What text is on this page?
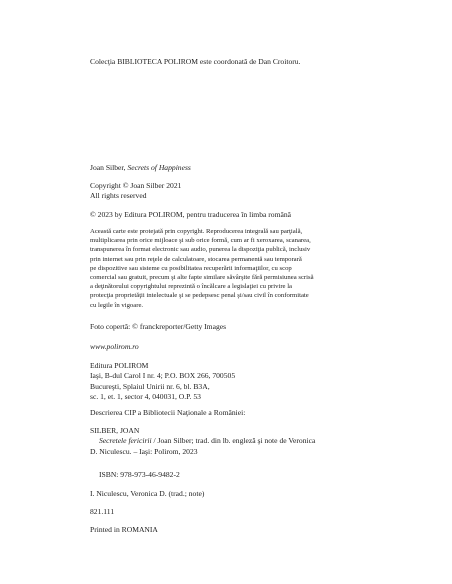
Colecţia BIBLIOTECA POLIROM este coordonată de Dan Croitoru.

Joan Silber, Secrets of Happiness

Copyright © Joan Silber 2021
All rights reserved

© 2023 by Editura POLIROM, pentru traducerea în limba română

Această carte este protejată prin copyright. Reproducerea integrală sau parţială,
multiplicarea prin orice mijloace şi sub orice formă, cum ar fi xeroxarea, scanarea,
transpunerea în format electronic sau audio, punerea la dispoziţia publică, inclusiv
prin internet sau prin reţele de calculatoare, stocarea permanentă sau temporară
pe dispozitive sau sisteme cu posibilitatea recuperării informaţiilor, cu scop
comercial sau gratuit, precum şi alte fapte similare săvârşite fără permisiunea scrisă
a deţinătorului copyrightului reprezintă o încălcare a legislaţiei cu privire la
protecţia proprietăţii intelectuale şi se pedepsesc penal şi/sau civil în conformitate
cu legile în vigoare.

Foto copertă: © franckreporter/Getty Images

www.polirom.ro

Editura POLIROM
Iaşi, B-dul Carol I nr. 4; P.O. BOX 266, 700505
Bucureşti, Splaiul Unirii nr. 6, bl. B3A,
sc. 1, et. 1, sector 4, 040031, O.P. 53

Descrierea CIP a Bibliotecii Naţionale a României:

SILBER, JOAN
Secretele fericirii / Joan Silber; trad. din lb. engleză şi note de Veronica
D. Niculescu. – Iaşi: Polirom, 2023

ISBN: 978-973-46-9482-2

I. Niculescu, Veronica D. (trad.; note)

821.111

Printed in ROMANIA
